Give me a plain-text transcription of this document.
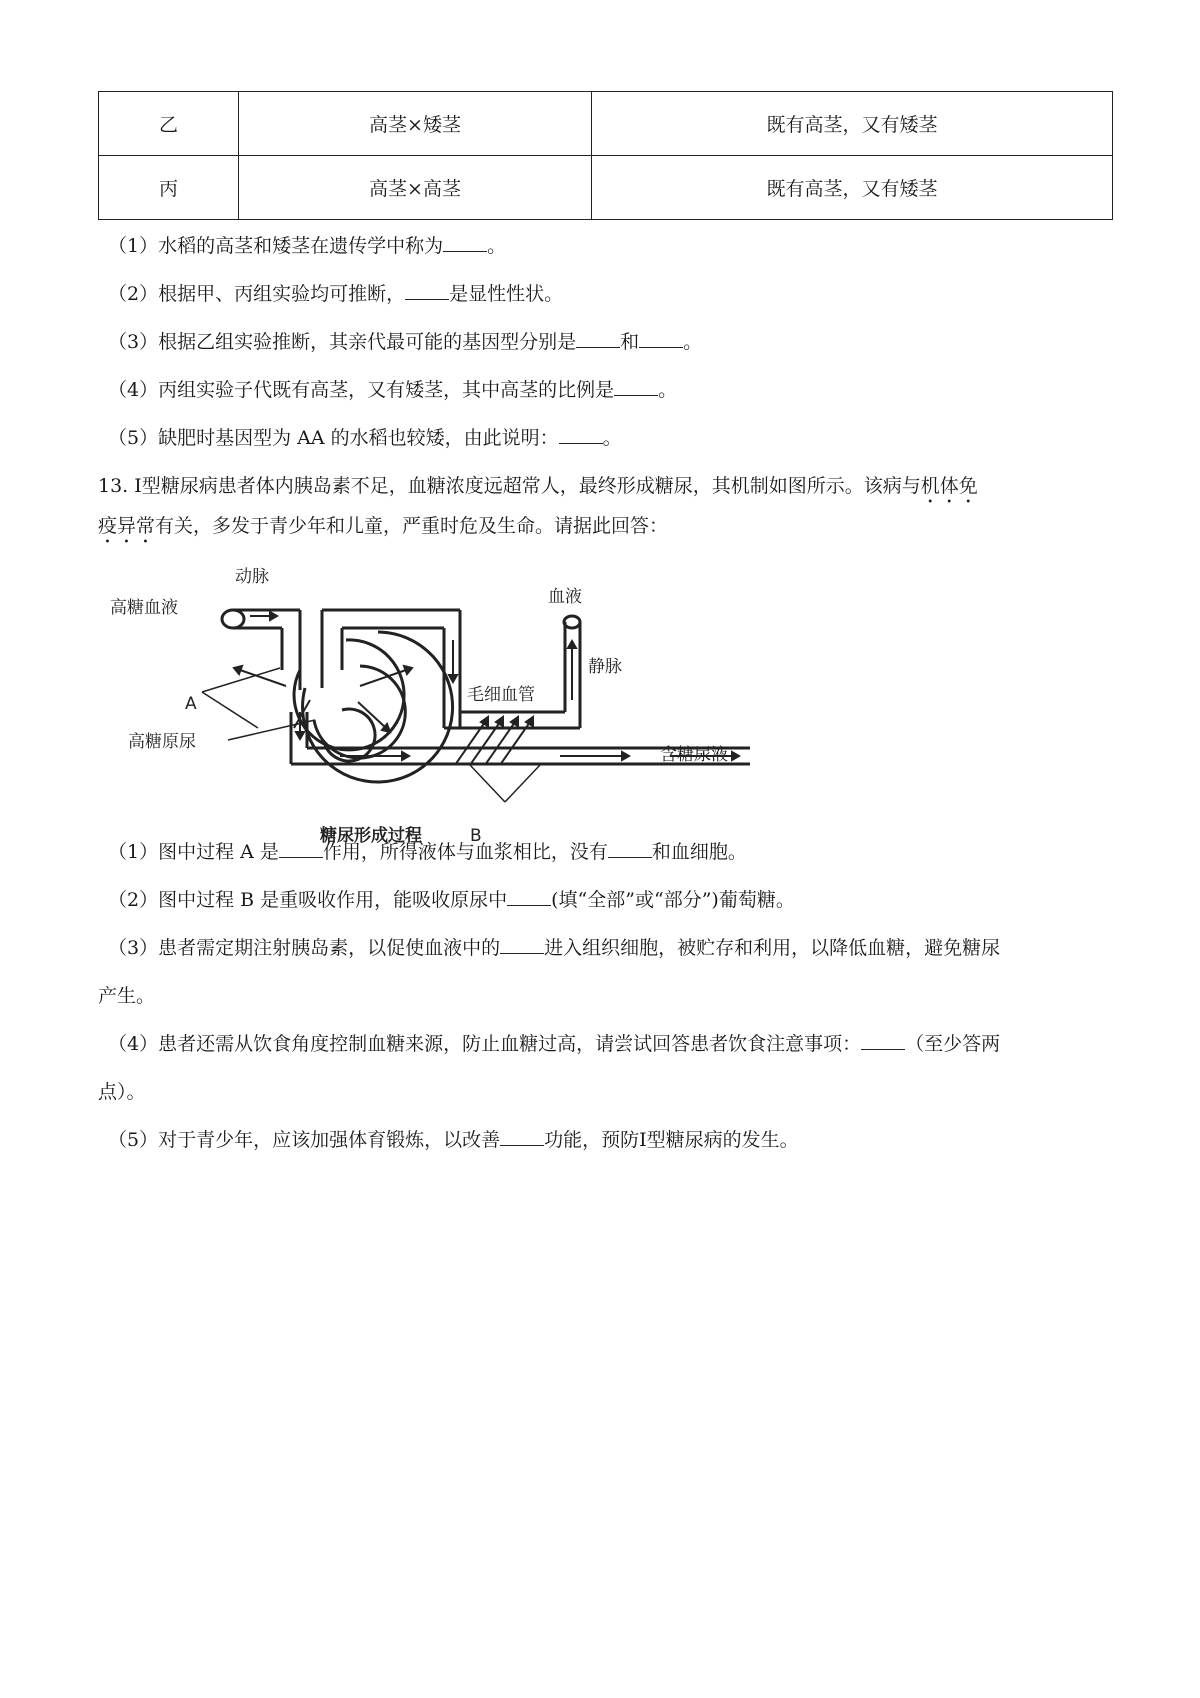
乙	高茎×矮茎	既有高茎，又有矮茎
丙	高茎×高茎	既有高茎，又有矮茎
（1）水稻的高茎和矮茎在遗传学中称为 。
（2）根据甲、丙组实验均可推断， 是显性性状。
（3）根据乙组实验推断，其亲代最可能的基因型分别是 和 。
（4）丙组实验子代既有高茎，又有矮茎，其中高茎的比例是 。
（5）缺肥时基因型为 AA 的水稻也较矮，由此说明： 。
13. Ⅰ型糖尿病患者体内胰岛素不足，血糖浓度远超常人，最终形成糖尿，其机制如图所示。该病与机体免
疫异常有关，多发于青少年和儿童，严重时危及生命。请据此回答：
高糖血液
动脉
血液
静脉
毛细血管
A
高糖原尿
含糖尿液
糖尿形成过程	B
（1）图中过程 A 是 作用，所得液体与血浆相比，没有 和血细胞。
（2）图中过程 B 是重吸收作用，能吸收原尿中 (填“全部”或“部分”)葡萄糖。
（3）患者需定期注射胰岛素，以促使血液中的 进入组织细胞，被贮存和利用，以降低血糖，避免糖尿
产生。
（4）患者还需从饮食角度控制血糖来源，防止血糖过高，请尝试回答患者饮食注意事项： （至少答两
点）。
（5）对于青少年，应该加强体育锻炼，以改善 功能，预防Ⅰ型糖尿病的发生。
